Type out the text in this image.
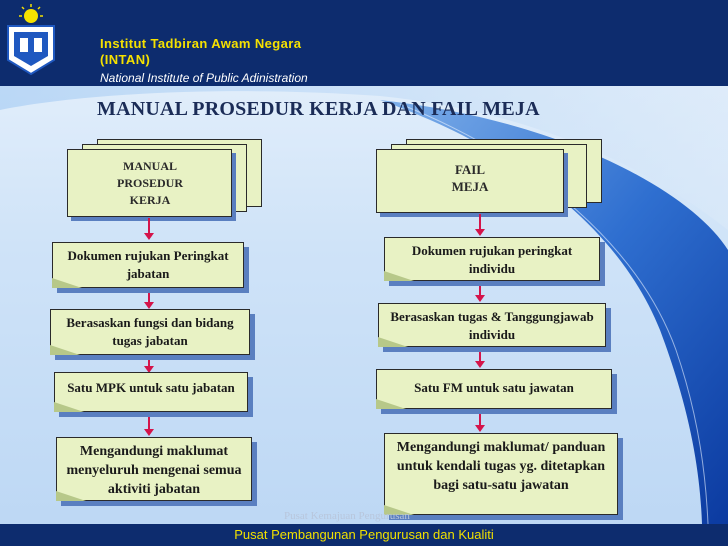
Institut Tadbiran Awam Negara
(INTAN)
National Institute of Public Adinistration
MANUAL PROSEDUR KERJA DAN FAIL MEJA
MANUAL
PROSEDUR
KERJA
FAIL
MEJA
Dokumen rujukan Peringkat jabatan
Berasaskan fungsi dan bidang tugas jabatan
Satu MPK untuk satu jabatan
Mengandungi maklumat menyeluruh mengenai semua aktiviti jabatan
Dokumen rujukan peringkat individu
Berasaskan tugas & Tanggungjawab individu
Satu FM untuk satu jawatan
Mengandungi maklumat/ panduan untuk kendali tugas yg. ditetapkan bagi satu-satu jawatan
Pusat Kemajuan Pengurusan
Pusat Pembangunan Pengurusan dan Kualiti
